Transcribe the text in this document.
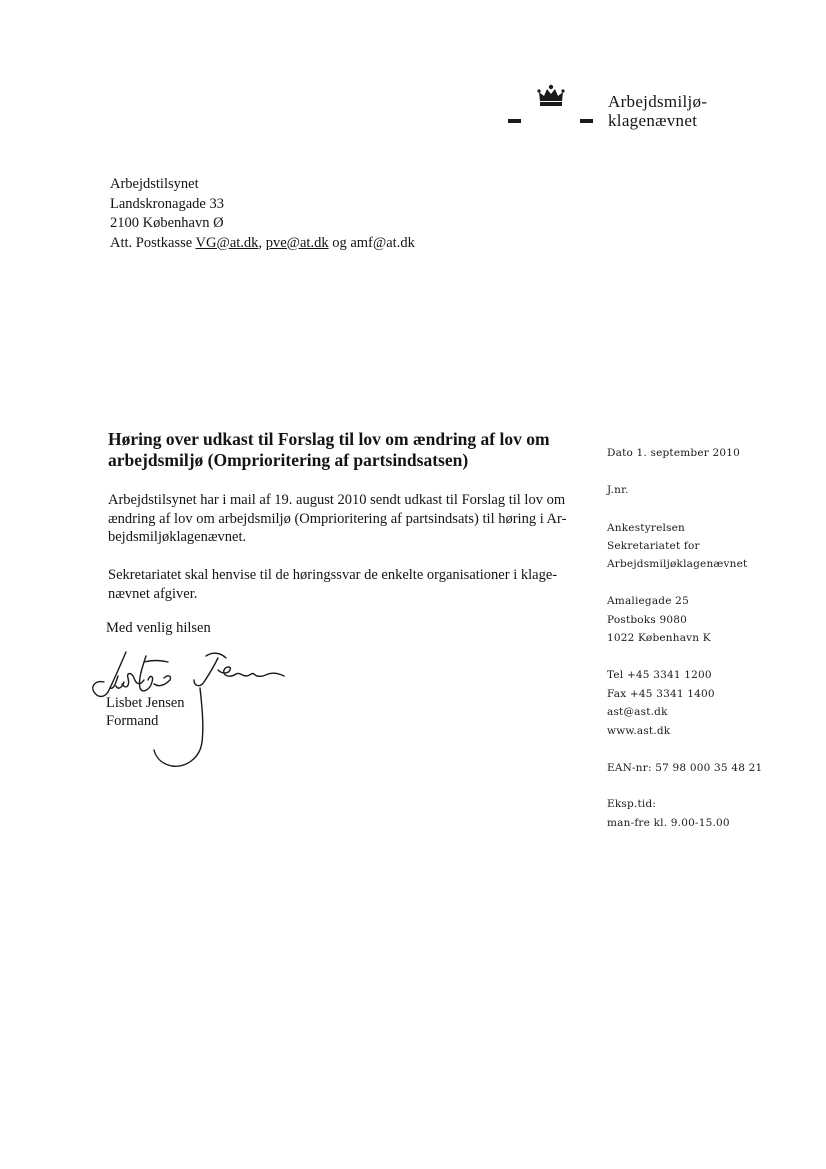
Arbejdsmiljø-
klagenævnet
Arbejdstilsynet
Landskronagade 33
2100 København Ø
Att. Postkasse VG@at.dk, pve@at.dk og amf@at.dk
Høring over udkast til Forslag til lov om ændring af lov om
arbejdsmiljø (Omprioritering af partsindsatsen)
Arbejdstilsynet har i mail af 19. august 2010 sendt udkast til Forslag til lov om
ændring af lov om arbejdsmiljø (Omprioritering af partsindsats) til høring i Ar-
bejdsmiljøklagenævnet.
Sekretariatet skal henvise til de høringssvar de enkelte organisationer i klage-
nævnet afgiver.
Med venlig hilsen
Lisbet Jensen
Formand
Dato 1. september 2010
J.nr.
Ankestyrelsen
Sekretariatet for
Arbejdsmiljøklagenævnet
Amaliegade 25
Postboks 9080
1022 København K
Tel +45 3341 1200
Fax +45 3341 1400
ast@ast.dk
www.ast.dk
EAN-nr: 57 98 000 35 48 21
Eksp.tid:
man-fre kl. 9.00-15.00
